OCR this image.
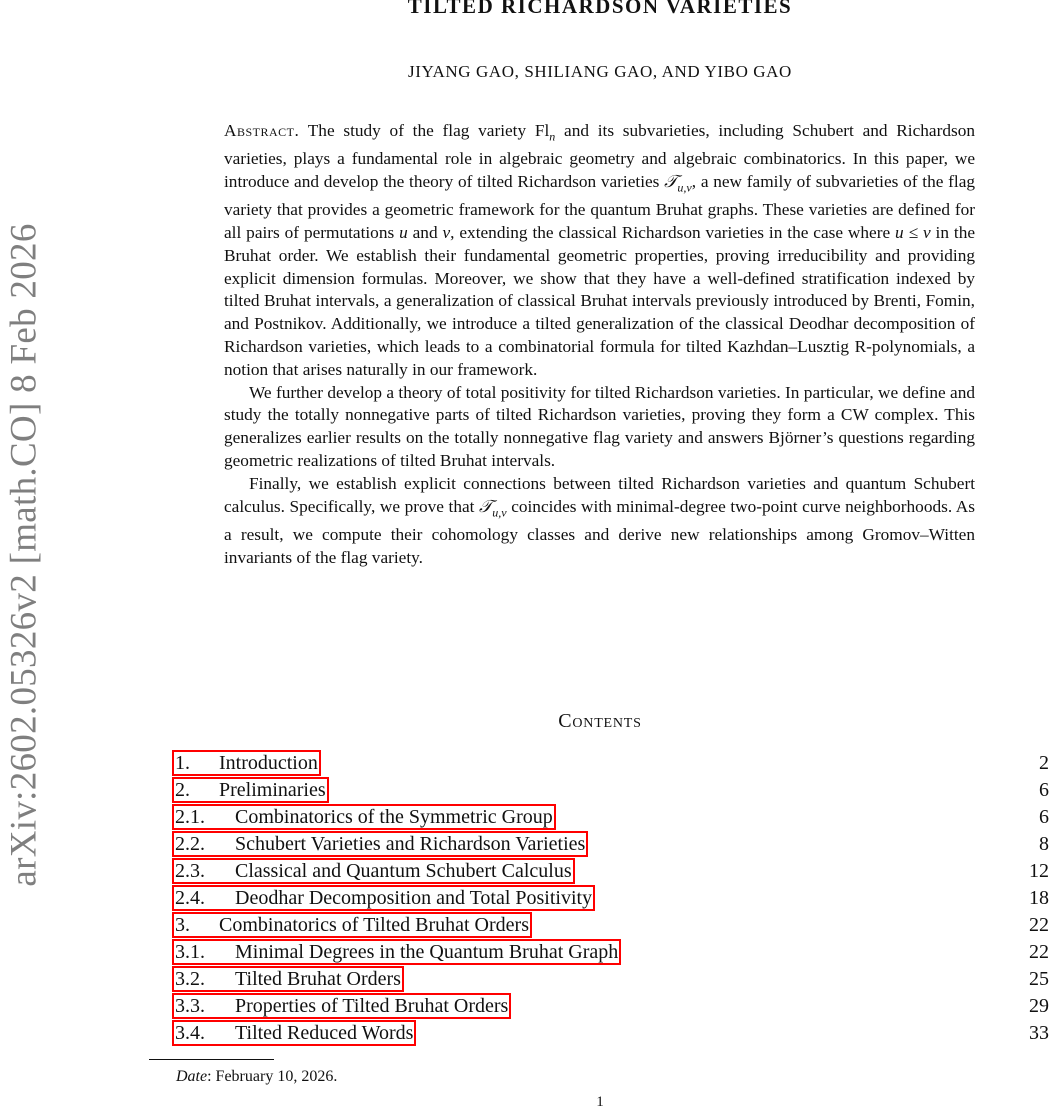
arXiv:2602.05326v2 [math.CO] 8 Feb 2026
TILTED RICHARDSON VARIETIES
JIYANG GAO, SHILIANG GAO, AND YIBO GAO

Abstract. The study of the flag variety $Fl_n$ and its subvarieties, including Schubert and Richardson varieties, plays a fundamental role in algebraic geometry and algebraic combinatorics. In this paper, we introduce and develop the theory of tilted Richardson varieties 𝒯$_{u,v}$, a new family of subvarieties of the flag variety that provides a geometric framework for the quantum Bruhat graphs. These varieties are defined for all pairs of permutations u and v, extending the classical Richardson varieties in the case where u ≤ v in the Bruhat order. We establish their fundamental geometric properties, proving irreducibility and providing explicit dimension formulas. Moreover, we show that they have a well-defined stratification indexed by tilted Bruhat intervals, a generalization of classical Bruhat intervals previously introduced by Brenti, Fomin, and Postnikov. Additionally, we introduce a tilted generalization of the classical Deodhar decomposition of Richardson varieties, which leads to a combinatorial formula for tilted Kazhdan–Lusztig R-polynomials, a notion that arises naturally in our framework.

We further develop a theory of total positivity for tilted Richardson varieties. In particular, we define and study the totally nonnegative parts of tilted Richardson varieties, proving they form a CW complex. This generalizes earlier results on the totally nonnegative flag variety and answers Björner’s questions regarding geometric realizations of tilted Bruhat intervals.

Finally, we establish explicit connections between tilted Richardson varieties and quantum Schubert calculus. Specifically, we prove that 𝒯$_{u,v}$ coincides with minimal-degree two-point curve neighborhoods. As a result, we compute their cohomology classes and derive new relationships among Gromov–Witten invariants of the flag variety.

Contents
1. Introduction	2
2. Preliminaries	6
2.1. Combinatorics of the Symmetric Group	6
2.2. Schubert Varieties and Richardson Varieties	8
2.3. Classical and Quantum Schubert Calculus	12
2.4. Deodhar Decomposition and Total Positivity	18
3. Combinatorics of Tilted Bruhat Orders	22
3.1. Minimal Degrees in the Quantum Bruhat Graph	22
3.2. Tilted Bruhat Orders	25
3.3. Properties of Tilted Bruhat Orders	29
3.4. Tilted Reduced Words	33
Date: February 10, 2026.
1
